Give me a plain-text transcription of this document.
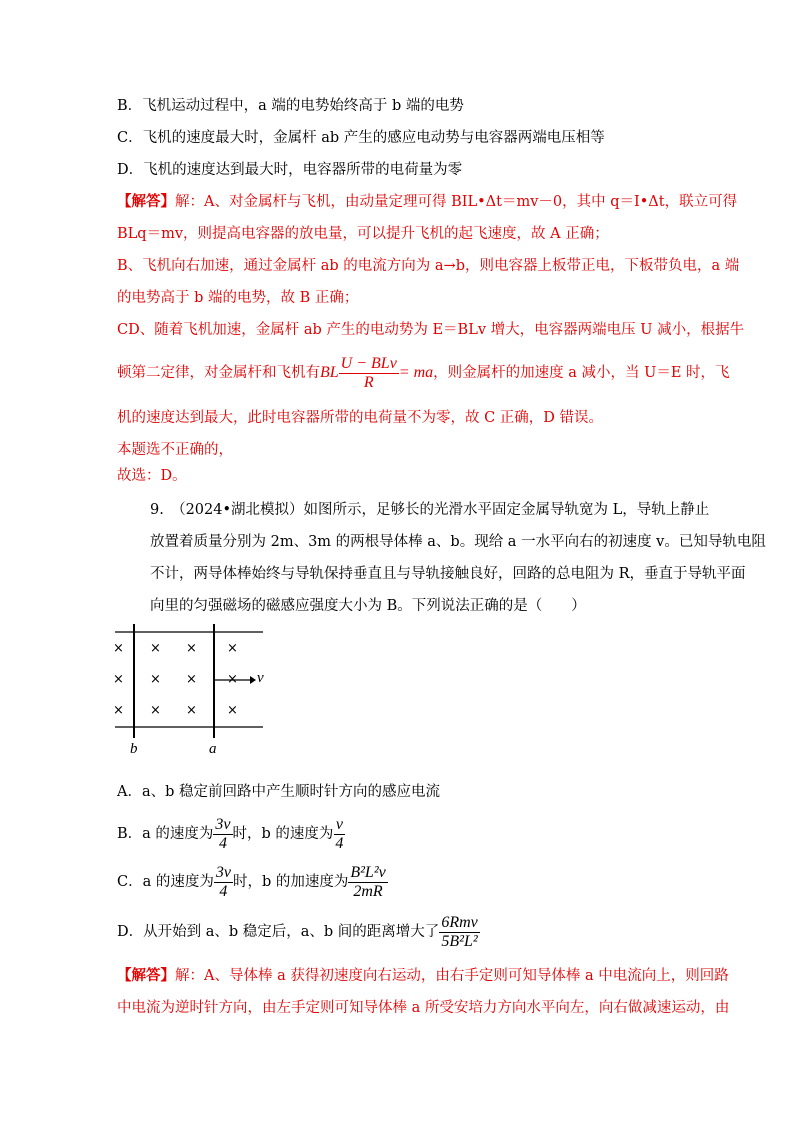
B．飞机运动过程中，a 端的电势始终高于 b 端的电势
C．飞机的速度最大时，金属杆 ab 产生的感应电动势与电容器两端电压相等
D．飞机的速度达到最大时，电容器所带的电荷量为零
【解答】解：A、对金属杆与飞机，由动量定理可得 BIL•Δt＝mv－0，其中 q＝I•Δt，联立可得
BLq＝mv，则提高电容器的放电量，可以提升飞机的起飞速度，故 A 正确；
B、飞机向右加速，通过金属杆 ab 的电流方向为 a→b，则电容器上板带正电，下板带负电，a 端
的电势高于 b 端的电势，故 B 正确；
CD、随着飞机加速，金属杆 ab 产生的电动势为 E＝BLv 增大，电容器两端电压 U 减小，根据牛
顿第二定律，对金属杆和飞机有BL $\frac{\text{U − BLv}}{R}$ = ma，则金属杆的加速度 a 减小，当 U＝E 时，飞
机的速度达到最大，此时电容器所带的电荷量不为零，故 C 正确，D 错误。
本题选不正确的，
故选：D。
9.　（2024•湖北模拟）如图所示，足够长的光滑水平固定金属导轨宽为 L，导轨上静止
放置着质量分别为 2m、3m 的两根导体棒 a、b。现给 a 一水平向右的初速度 v。已知导轨电阻
不计，两导体棒始终与导轨保持垂直且与导轨接触良好，回路的总电阻为 R，垂直于导轨平面
向里的匀强磁场的磁感应强度大小为 B。下列说法正确的是（　　）
× × × ×
× × × ×
× × × ×
v
b	a
A．a、b 稳定前回路中产生顺时针方向的感应电流
B．a 的速度为 $\frac{3v}{4}$ 时，b 的速度为 $\frac{v}{4}$
C．a 的速度为 $\frac{3v}{4}$ 时，b 的加速度为 $\frac{\text{B²L²v}}{2mR}$
D．从开始到 a、b 稳定后，a、b 间的距离增大了 $\frac{\text{6Rmv}}{\text{5B²L²}}$
【解答】解：A、导体棒 a 获得初速度向右运动，由右手定则可知导体棒 a 中电流向上，则回路
中电流为逆时针方向，由左手定则可知导体棒 a 所受安培力方向水平向左，向右做减速运动，由
